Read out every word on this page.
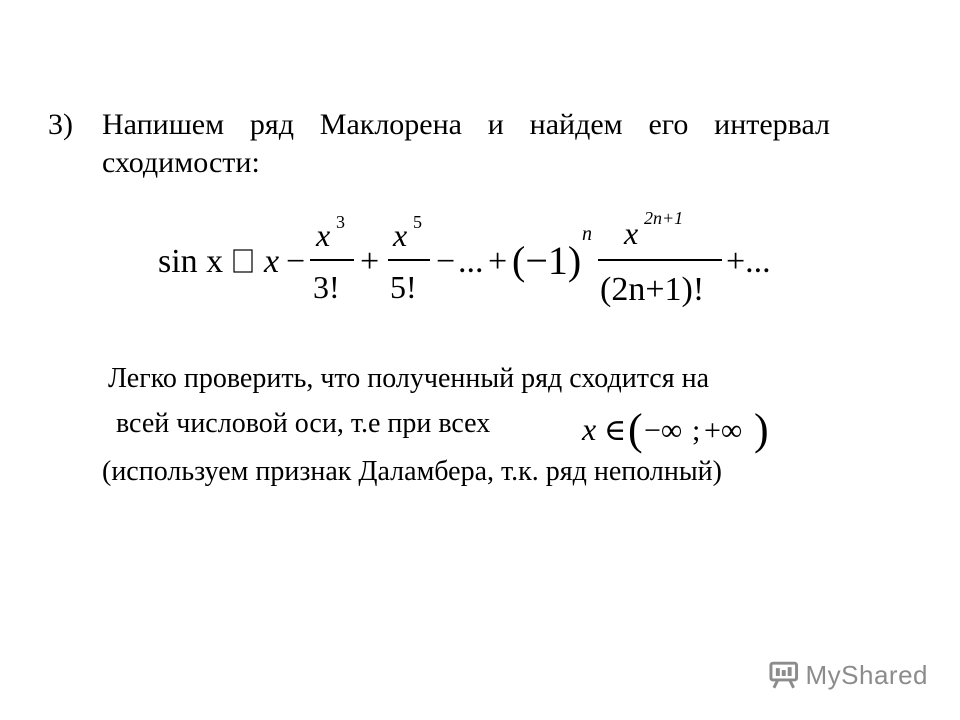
3) Напишем ряд Маклорена и найдем его интервал
сходимости:
sin x x −
x 3
3!
+
x 5
5!
− ... + (−1)
n x 2n+1
(2n+1)!
+...
Легко проверить, что полученный ряд сходится на
всей числовой оси, т.е при всех
(используем признак Даламбера, т.к. ряд неполный)
x ∈ ( −∞ ; +∞ )
MyShared
